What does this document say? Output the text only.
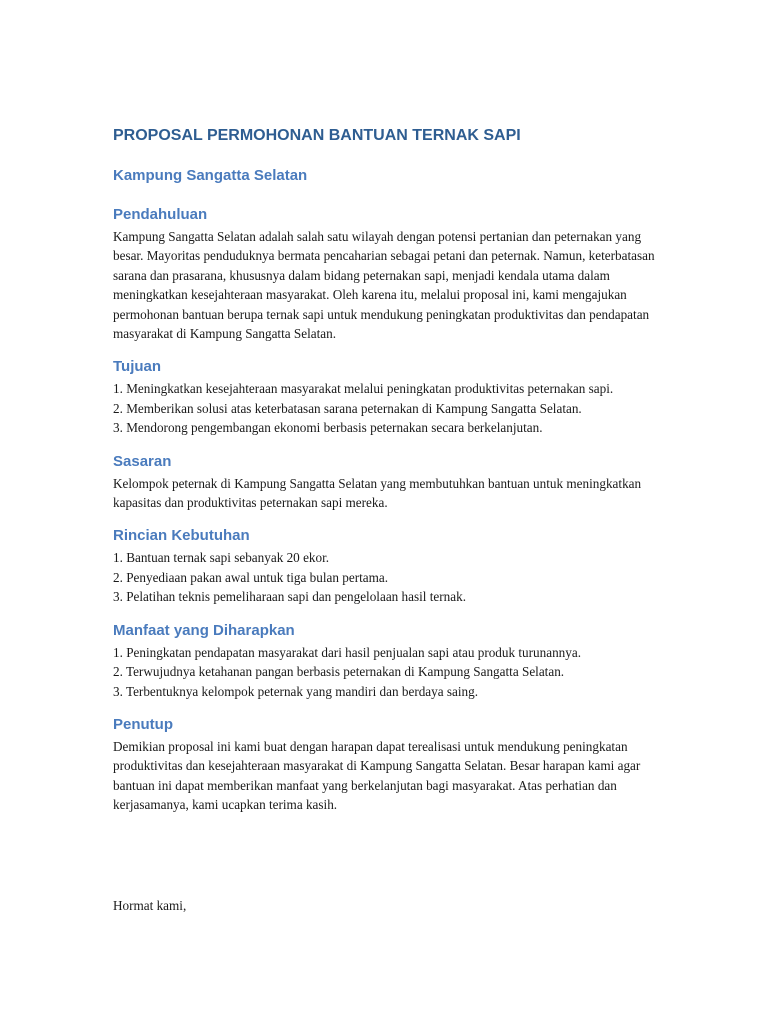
PROPOSAL PERMOHONAN BANTUAN TERNAK SAPI
Kampung Sangatta Selatan
Pendahuluan

Kampung Sangatta Selatan adalah salah satu wilayah dengan potensi pertanian dan peternakan yang besar. Mayoritas penduduknya bermata pencaharian sebagai petani dan peternak. Namun, keterbatasan sarana dan prasarana, khususnya dalam bidang peternakan sapi, menjadi kendala utama dalam meningkatkan kesejahteraan masyarakat. Oleh karena itu, melalui proposal ini, kami mengajukan permohonan bantuan berupa ternak sapi untuk mendukung peningkatan produktivitas dan pendapatan masyarakat di Kampung Sangatta Selatan.

Tujuan
1. Meningkatkan kesejahteraan masyarakat melalui peningkatan produktivitas peternakan sapi.
2. Memberikan solusi atas keterbatasan sarana peternakan di Kampung Sangatta Selatan.
3. Mendorong pengembangan ekonomi berbasis peternakan secara berkelanjutan.
Sasaran

Kelompok peternak di Kampung Sangatta Selatan yang membutuhkan bantuan untuk meningkatkan kapasitas dan produktivitas peternakan sapi mereka.

Rincian Kebutuhan
1. Bantuan ternak sapi sebanyak 20 ekor.
2. Penyediaan pakan awal untuk tiga bulan pertama.
3. Pelatihan teknis pemeliharaan sapi dan pengelolaan hasil ternak.
Manfaat yang Diharapkan
1. Peningkatan pendapatan masyarakat dari hasil penjualan sapi atau produk turunannya.
2. Terwujudnya ketahanan pangan berbasis peternakan di Kampung Sangatta Selatan.
3. Terbentuknya kelompok peternak yang mandiri dan berdaya saing.
Penutup

Demikian proposal ini kami buat dengan harapan dapat terealisasi untuk mendukung peningkatan produktivitas dan kesejahteraan masyarakat di Kampung Sangatta Selatan. Besar harapan kami agar bantuan ini dapat memberikan manfaat yang berkelanjutan bagi masyarakat. Atas perhatian dan kerjasamanya, kami ucapkan terima kasih.

Hormat kami,
